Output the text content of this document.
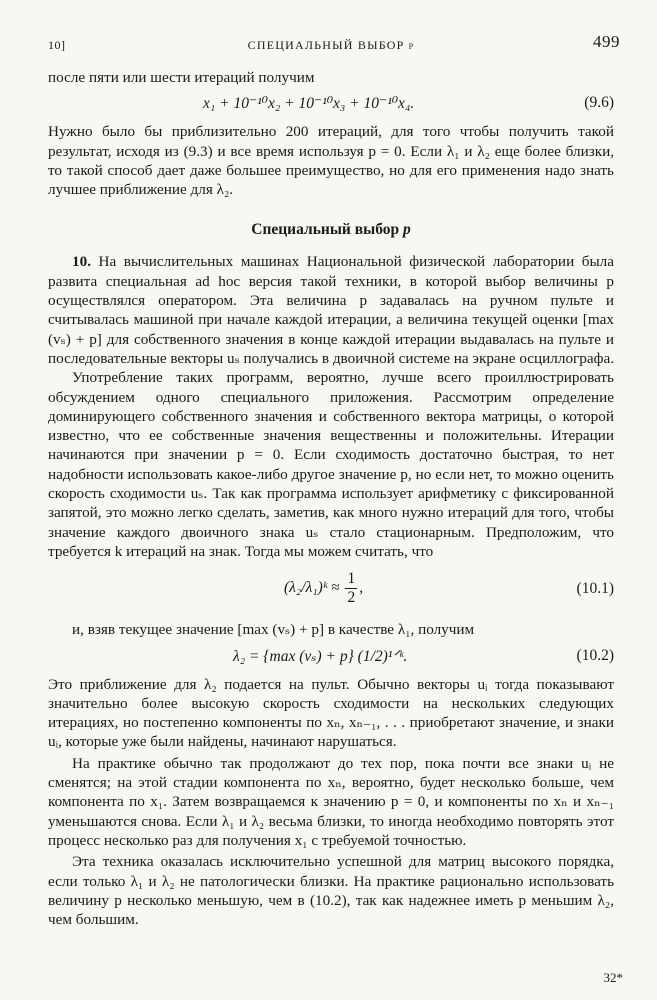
10]	СПЕЦИАЛЬНЫЙ ВЫБОР p	499

после пяти или шести итераций получим

x₁ + 10⁻¹⁰x₂ + 10⁻¹⁰x₃ + 10⁻¹⁰x₄.	(9.6)

Нужно было бы приблизительно 200 итераций, для того чтобы получить такой результат, исходя из (9.3) и все время используя p = 0. Если λ₁ и λ₂ еще более близки, то такой способ дает даже большее преимущество, но для его применения надо знать лучшее приближение для λ₂.

Специальный выбор p

10. На вычислительных машинах Национальной физической лаборатории была развита специальная ad hoc версия такой техники, в которой выбор величины p осуществлялся оператором. Эта величина p задавалась на ручном пульте и считывалась машиной при начале каждой итерации, а величина текущей оценки [max (vₛ) + p] для собственного значения в конце каждой итерации выдавалась на пульте и последовательные векторы uₛ получались в двоичной системе на экране осциллографа.

Употребление таких программ, вероятно, лучше всего проиллюстрировать обсуждением одного специального приложения. Рассмотрим определение доминирующего собственного значения и собственного вектора матрицы, о которой известно, что ее собственные значения вещественны и положительны. Итерации начинаются при значении p = 0. Если сходимость достаточно быстрая, то нет надобности использовать какое-либо другое значение p, но если нет, то можно оценить скорость сходимости uₛ. Так как программа использует арифметику с фиксированной запятой, это можно легко сделать, заметив, как много нужно итераций для того, чтобы значение каждого двоичного знака uₛ стало стационарным. Предположим, что требуется k итераций на знак. Тогда мы можем считать, что

(λ₂/λ₁)ᵏ ≈ $\frac{1}{2}$ ,	(10.1)

и, взяв текущее значение [max (vₛ) + p] в качестве λ₁, получим

λ₂ = {max (vₛ) + p} (1/2)¹ᐟᵏ.	(10.2)

Это приближение для λ₂ подается на пульт. Обычно векторы uᵢ тогда показывают значительно более высокую скорость сходимости на нескольких следующих итерациях, но постепенно компоненты по xₙ, xₙ₋₁, . . . приобретают значение, и знаки uᵢ, которые уже были найдены, начинают нарушаться.

На практике обычно так продолжают до тех пор, пока почти все знаки uᵢ не сменятся; на этой стадии компонента по xₙ, вероятно, будет несколько больше, чем компонента по x₁. Затем возвращаемся к значению p = 0, и компоненты по xₙ и xₙ₋₁ уменьшаются снова. Если λ₁ и λ₂ весьма близки, то иногда необходимо повторять этот процесс несколько раз для получения x₁ с требуемой точностью.

Эта техника оказалась исключительно успешной для матриц высокого порядка, если только λ₁ и λ₂ не патологически близки. На практике рационально использовать величину p несколько меньшую, чем в (10.2), так как надежнее иметь p меньшим λ₂, чем большим.

32*
